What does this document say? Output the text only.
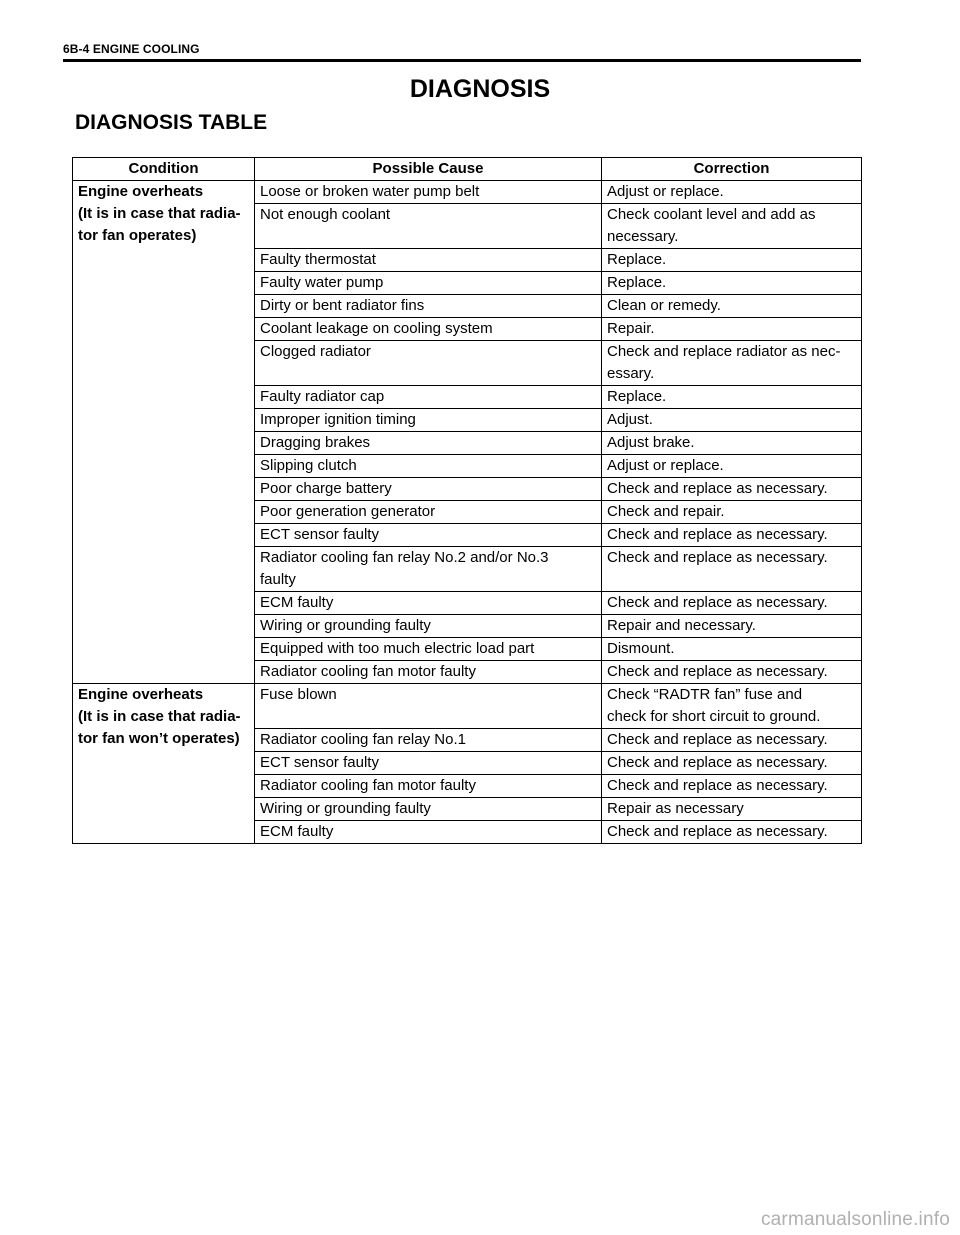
6B-4 ENGINE COOLING
DIAGNOSIS
DIAGNOSIS TABLE
Condition	Possible Cause	Correction
Engine overheats
(It is in case that radia-
tor fan operates)	Loose or broken water pump belt	Adjust or replace.
	Not enough coolant	Check coolant level and add as
necessary.
	Faulty thermostat	Replace.
	Faulty water pump	Replace.
	Dirty or bent radiator fins	Clean or remedy.
	Coolant leakage on cooling system	Repair.
	Clogged radiator	Check and replace radiator as nec-
essary.
	Faulty radiator cap	Replace.
	Improper ignition timing	Adjust.
	Dragging brakes	Adjust brake.
	Slipping clutch	Adjust or replace.
	Poor charge battery	Check and replace as necessary.
	Poor generation generator	Check and repair.
	ECT sensor faulty	Check and replace as necessary.
	Radiator cooling fan relay No.2 and/or No.3
faulty	Check and replace as necessary.
	ECM faulty	Check and replace as necessary.
	Wiring or grounding faulty	Repair and necessary.
	Equipped with too much electric load part	Dismount.
	Radiator cooling fan motor faulty	Check and replace as necessary.
Engine overheats
(It is in case that radia-
tor fan won’t operates)	Fuse blown	Check “RADTR fan” fuse and
check for short circuit to ground.
	Radiator cooling fan relay No.1	Check and replace as necessary.
	ECT sensor faulty	Check and replace as necessary.
	Radiator cooling fan motor faulty	Check and replace as necessary.
	Wiring or grounding faulty	Repair as necessary
	ECM faulty	Check and replace as necessary.
carmanualsonline.info
